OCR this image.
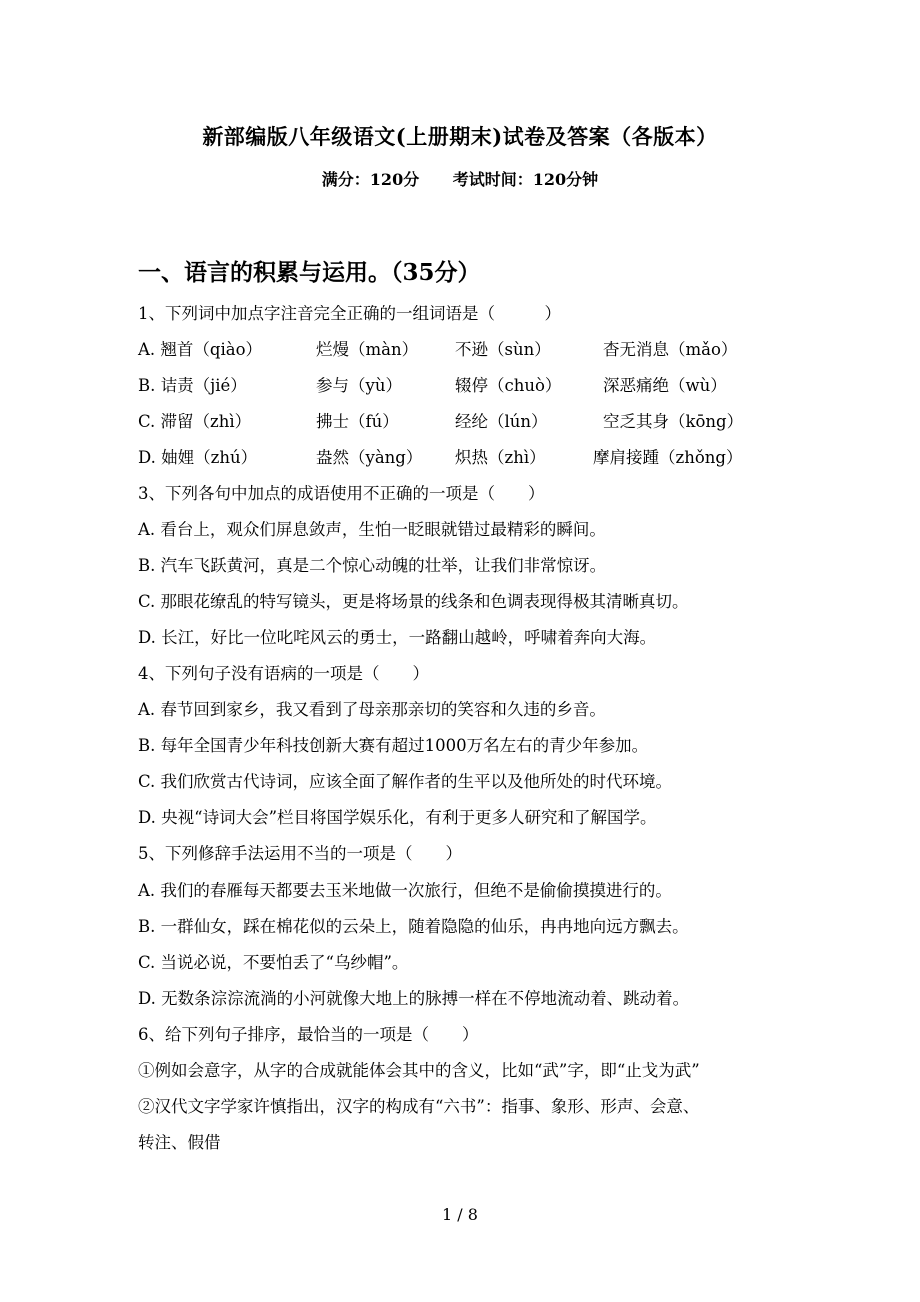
新部编版八年级语文(上册期末)试卷及答案（各版本）
满分：120分 考试时间：120分钟
一、语言的积累与运用。（35分）
1、下列词中加点字注音完全正确的一组词语是（　　　）
A. 翘首（qiào）	烂熳（màn） 不逊（sùn）	杳无消息（mǎo）
B. 诘责（jié）	参与（yù）	辍停（chuò）	深恶痛绝（wù）
C. 滞留（zhì）	拂士（fú）	经纶（lún）	空乏其身（kōng）
D. 妯娌（zhú）	盎然（yàng） 炽热（zhì）	摩肩接踵（zhǒng）
3、下列各句中加点的成语使用不正确的一项是（　　）
A. 看台上，观众们屏息敛声，生怕一眨眼就错过最精彩的瞬间。
B. 汽车飞跃黄河，真是二个惊心动魄的壮举，让我们非常惊讶。
C. 那眼花缭乱的特写镜头，更是将场景的线条和色调表现得极其清晰真切。
D. 长江，好比一位叱咤风云的勇士，一路翻山越岭，呼啸着奔向大海。
4、下列句子没有语病的一项是（　　）
A. 春节回到家乡，我又看到了母亲那亲切的笑容和久违的乡音。
B. 每年全国青少年科技创新大赛有超过1000万名左右的青少年参加。
C. 我们欣赏古代诗词，应该全面了解作者的生平以及他所处的时代环境。
D. 央视“诗词大会”栏目将国学娱乐化，有利于更多人研究和了解国学。
5、下列修辞手法运用不当的一项是（　　）
A. 我们的春雁每天都要去玉米地做一次旅行，但绝不是偷偷摸摸进行的。
B. 一群仙女，踩在棉花似的云朵上，随着隐隐的仙乐，冉冉地向远方飘去。
C. 当说必说，不要怕丢了“乌纱帽”。
D. 无数条淙淙流淌的小河就像大地上的脉搏一样在不停地流动着、跳动着。
6、给下列句子排序，最恰当的一项是（　　）
①例如会意字，从字的合成就能体会其中的含义，比如“武”字，即“止戈为武”
②汉代文字学家许慎指出，汉字的构成有“六书”：指事、象形、形声、会意、
转注、假借
1 / 8
